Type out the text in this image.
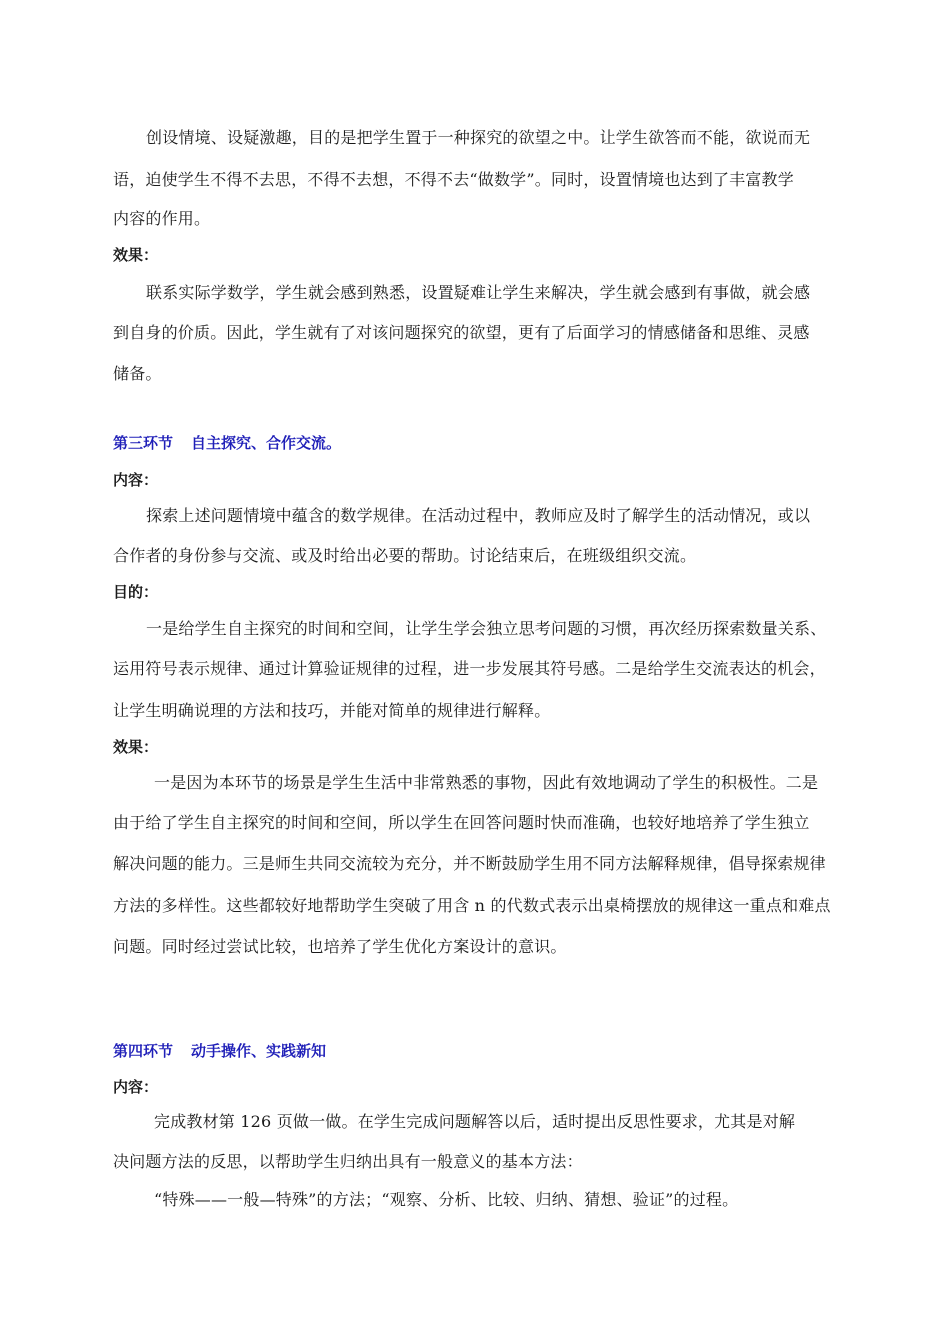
创设情境、设疑激趣，目的是把学生置于一种探究的欲望之中。让学生欲答而不能，欲说而无
语，迫使学生不得不去思，不得不去想，不得不去“做数学”。同时，设置情境也达到了丰富教学
内容的作用。
效果：
联系实际学数学，学生就会感到熟悉，设置疑难让学生来解决，学生就会感到有事做，就会感
到自身的价质。因此，学生就有了对该问题探究的欲望，更有了后面学习的情感储备和思维、灵感
储备。
第三环节 自主探究、合作交流。
内容：
探索上述问题情境中蕴含的数学规律。在活动过程中，教师应及时了解学生的活动情况，或以
合作者的身份参与交流、或及时给出必要的帮助。讨论结束后，在班级组织交流。
目的：
一是给学生自主探究的时间和空间，让学生学会独立思考问题的习惯，再次经历探索数量关系、
运用符号表示规律、通过计算验证规律的过程，进一步发展其符号感。二是给学生交流表达的机会，
让学生明确说理的方法和技巧，并能对简单的规律进行解释。
效果：
一是因为本环节的场景是学生生活中非常熟悉的事物，因此有效地调动了学生的积极性。二是
由于给了学生自主探究的时间和空间，所以学生在回答问题时快而准确，也较好地培养了学生独立
解决问题的能力。三是师生共同交流较为充分，并不断鼓励学生用不同方法解释规律，倡导探索规律
方法的多样性。这些都较好地帮助学生突破了用含 n 的代数式表示出桌椅摆放的规律这一重点和难点
问题。同时经过尝试比较，也培养了学生优化方案设计的意识。
第四环节 动手操作、实践新知
内容：
完成教材第 126 页做一做。在学生完成问题解答以后，适时提出反思性要求，尤其是对解
决问题方法的反思，以帮助学生归纳出具有一般意义的基本方法：
“特殊——一般—特殊”的方法；“观察、分析、比较、归纳、猜想、验证”的过程。
